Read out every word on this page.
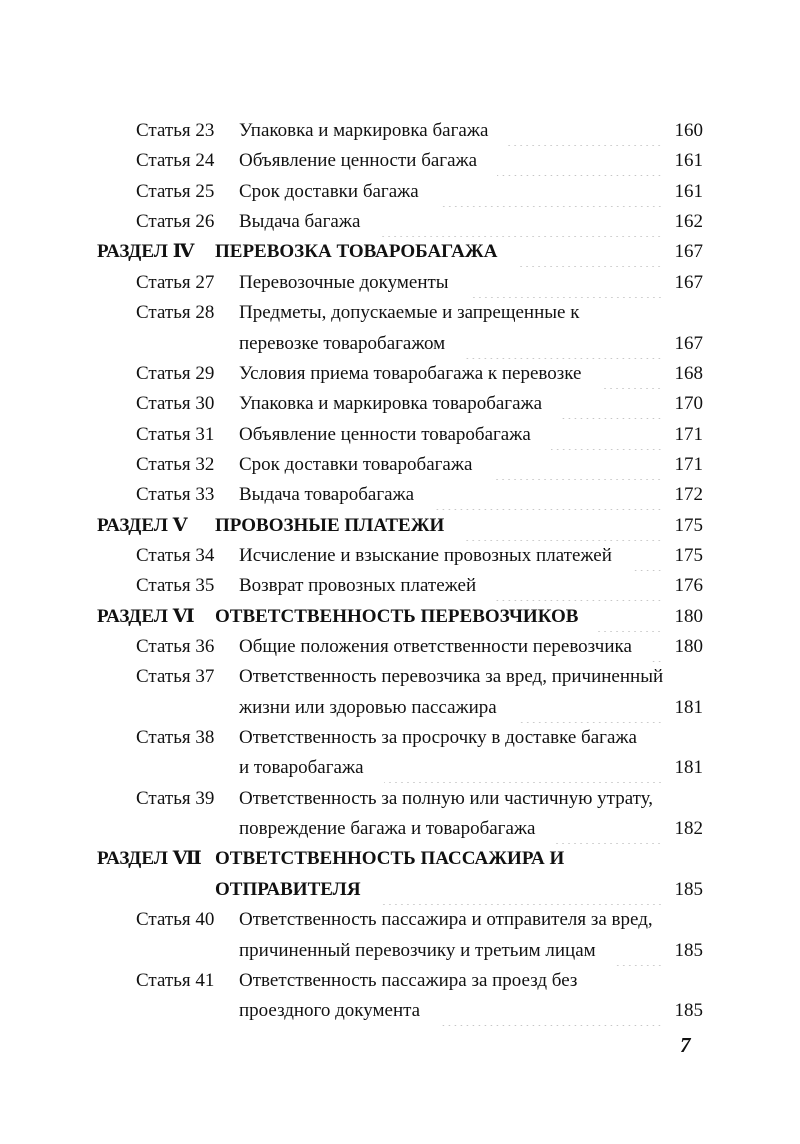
Статья 23 Упаковка и маркировка багажа	160
Статья 24 Объявление ценности багажа	161
Статья 25 Срок доставки багажа	161
Статья 26 Выдача багажа	162
РАЗДЕЛ Ⅳ ПЕРЕВОЗКА ТОВАРОБАГАЖА	167
Статья 27 Перевозочные документы	167
Статья 28 Предметы, допускаемые и запрещенные к
перевозке товаробагажом	167
Статья 29 Условия приема товаробагажа к перевозке	168
Статья 30 Упаковка и маркировка товаробагажа	170
Статья 31 Объявление ценности товаробагажа	171
Статья 32 Срок доставки товаробагажа	171
Статья 33 Выдача товаробагажа	172
РАЗДЕЛ Ⅴ ПРОВОЗНЫЕ ПЛАТЕЖИ	175
Статья 34 Исчисление и взыскание провозных платежей	175
Статья 35 Возврат провозных платежей	176
РАЗДЕЛ Ⅵ ОТВЕТСТВЕННОСТЬ ПЕРЕВОЗЧИКОВ	180
Статья 36 Общие положения ответственности перевозчика 180
Статья 37 Ответственность перевозчика за вред, причиненный
жизни или здоровью пассажира	181
Статья 38 Ответственность за просрочку в доставке багажа
и товаробагажа	181
Статья 39 Ответственность за полную или частичную утрату,
повреждение багажа и товаробагажа	182
РАЗДЕЛ Ⅶ ОТВЕТСТВЕННОСТЬ ПАССАЖИРА И
ОТПРАВИТЕЛЯ	185
Статья 40 Ответственность пассажира и отправителя за вред,
причиненный перевозчику и третьим лицам	185
Статья 41 Ответственность пассажира за проезд без
проездного документа	185
7
